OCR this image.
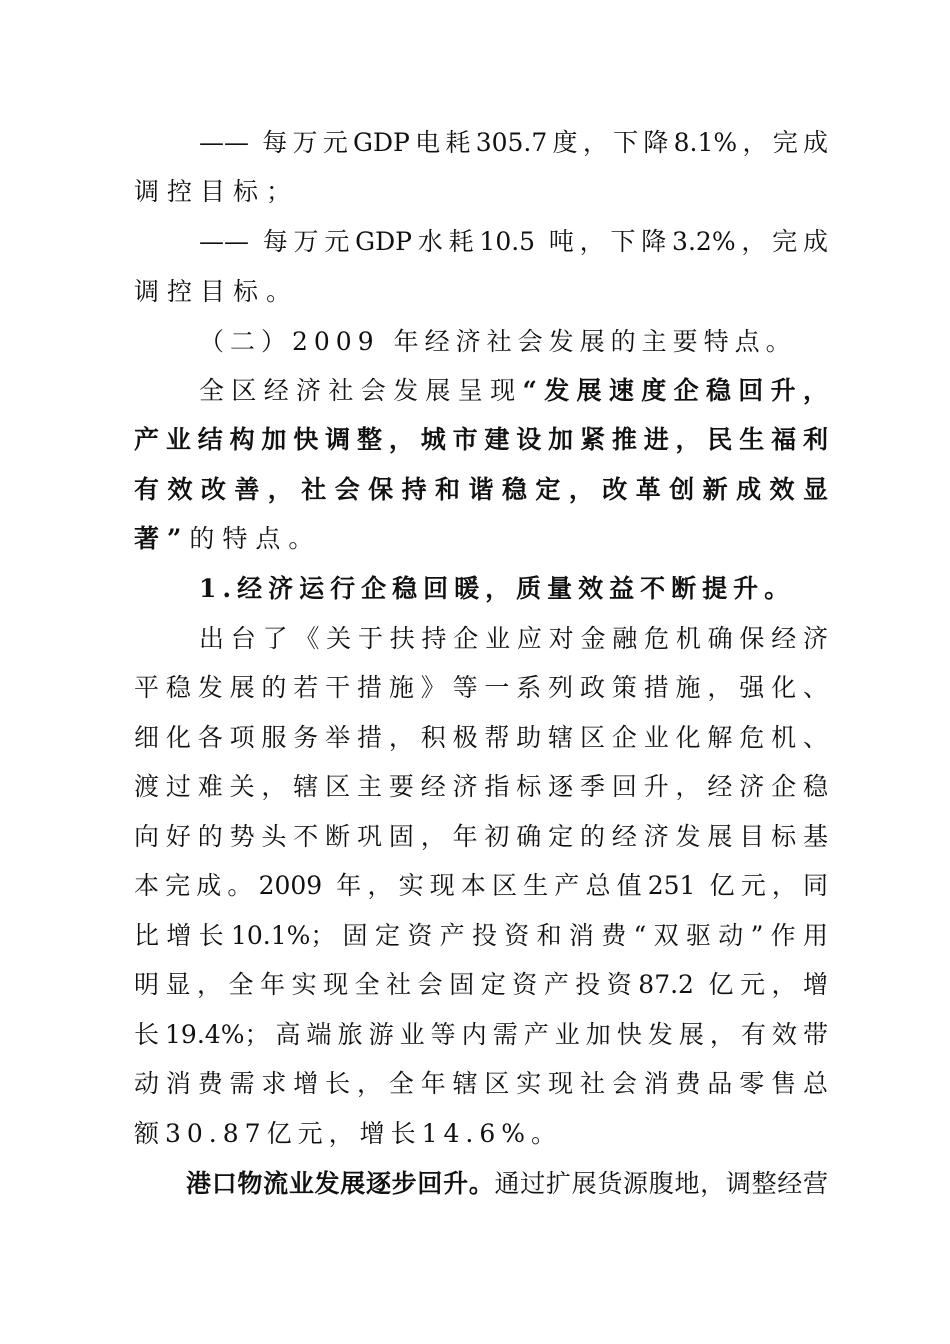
—— 每万元GDP电耗305.7度，下降8.1%，完成
调控目标；
—— 每万元GDP水耗10.5 吨，下降3.2%，完成
调控目标。
（二）2009 年经济社会发展的主要特点。
全区经济社会发展呈现“发展速度企稳回升，
产业结构加快调整，城市建设加紧推进，民生福利
有效改善，社会保持和谐稳定，改革创新成效显
著”的特点。
1.经济运行企稳回暖，质量效益不断提升。
出台了《关于扶持企业应对金融危机确保经济
平稳发展的若干措施》等一系列政策措施，强化、
细化各项服务举措，积极帮助辖区企业化解危机、
渡过难关，辖区主要经济指标逐季回升，经济企稳
向好的势头不断巩固，年初确定的经济发展目标基
本完成。2009 年，实现本区生产总值251 亿元，同
比增长10.1%；固定资产投资和消费“双驱动”作用
明显，全年实现全社会固定资产投资87.2 亿元，增
长19.4%；高端旅游业等内需产业加快发展，有效带
动消费需求增长，全年辖区实现社会消费品零售总
额30.87亿元，增长14.6%。
港口物流业发展逐步回升。通过扩展货源腹地，调整经营
